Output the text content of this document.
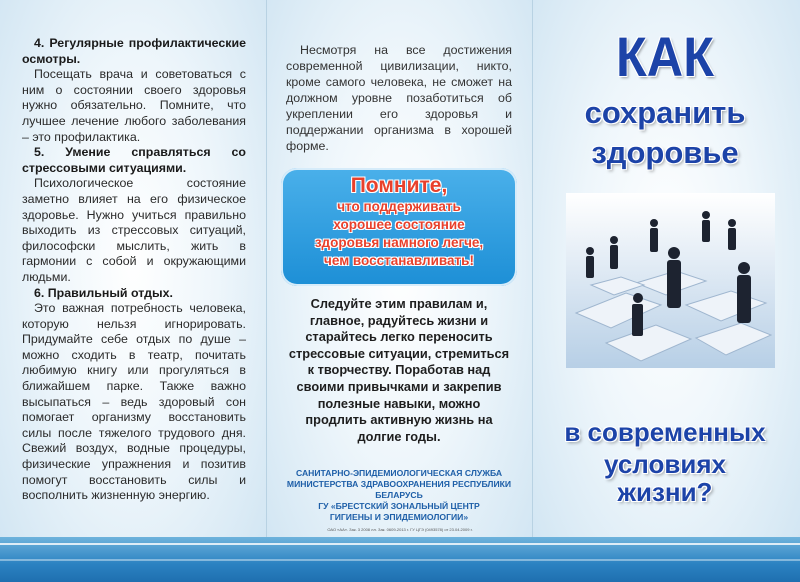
4. Регулярные профилактические осмотры.

Посещать врача и советоваться с ним о состоянии своего здоровья нужно обязательно. Помните, что лучшее лечение любого заболевания – это профилактика.

5. Умение справляться со стрессовыми ситуациями.

Психологическое состояние заметно влияет на его физическое здоровье. Нужно учиться правильно выходить из стрессовых ситуаций, философски мыслить, жить в гармонии с собой и окружающими людьми.

6. Правильный отдых.

Это важная потребность человека, которую нельзя игнорировать. Придумайте себе отдых по душе – можно сходить в театр, почитать любимую книгу или прогуляться в ближайшем парке. Также важно высыпаться – ведь здоровый сон помогает организму восстановить силы после тяжелого трудового дня. Свежий воздух, водные процедуры, физические упражнения и позитив помогут восстановить силы и восполнить жизненную энергию.

Несмотря на все достижения современной цивилизации, никто, кроме самого человека, не сможет на должном уровне позаботиться об укреплении его здоровья и поддержании организма в хорошей форме.
Помните,
что поддерживать
хорошее состояние
здоровья намного легче,
чем восстанавливать!
Следуйте этим правилам и, главное, радуйтесь жизни и старайтесь легко переносить стрессовые ситуации, стремиться к творчеству. Поработав над своими привычками и закрепив полезные навыки, можно продлить активную жизнь на долгие годы.
САНИТАРНО-ЭПИДЕМИОЛОГИЧЕСКАЯ СЛУЖБА
МИНИСТЕРСТВА ЗДРАВООХРАНЕНИЯ РЕСПУБЛИКИ БЕЛАРУСЬ
ГУ «БРЕСТСКИЙ ЗОНАЛЬНЫЙ ЦЕНТР
ГИГИЕНЫ И ЭПИДЕМИОЛОГИИ»
ОАО «АА». Зак. 3 2008 лл. Зак. 0609-2013 г. ГУ ЦГЭ (0493578) от 23.04.2009 г.
КАК
сохранить
здоровье
в современных
условиях
жизни?
